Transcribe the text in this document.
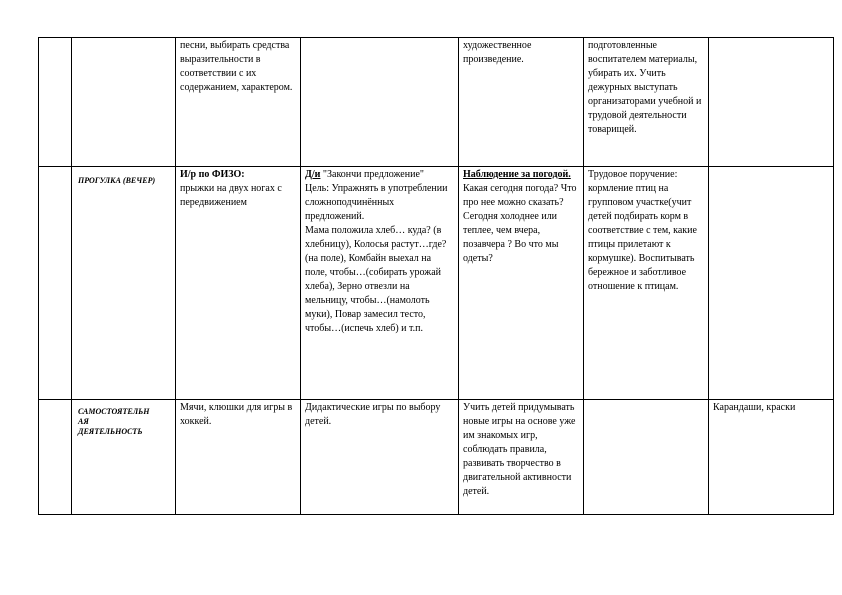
		песни, выбирать средства выразительности в соответствии с их содержанием, характером.		художественное произведение.	подготовленные воспитателем материалы, убирать их. Учить дежурных выступать организаторами учебной и трудовой деятельности товарищей.	

	ПРОГУЛКА (ВЕЧЕР)	И/р по ФИЗО:
прыжки на двух ногах с передвижением	Д/и "Закончи предложение"
Цель: Упражнять в употреблении сложноподчинённых предложений.
Мама положила хлеб… куда? (в хлебницу), Колосья растут…где? (на поле), Комбайн выехал на поле, чтобы…(собирать урожай хлеба), Зерно отвезли на мельницу, чтобы…(намолоть муки), Повар замесил тесто, чтобы…(испечь хлеб) и т.п.	Наблюдение за погодой. Какая сегодня погода? Что про нее можно сказать? Сегодня холоднее или теплее, чем вчера, позавчера ? Во что мы одеты?	Трудовое поручение: кормление птиц на групповом участке(учит детей подбирать корм в соответствие с тем, какие птицы прилетают к кормушке). Воспитывать бережное и заботливое отношение к птицам.	

	САМОСТОЯТЕЛЬН
АЯ
ДЕЯТЕЛЬНОСТЬ	Мячи, клюшки для игры в хоккей.	Дидактические игры по выбору детей.	Учить детей придумывать новые игры на основе уже им знакомых игр, соблюдать правила, развивать творчество в двигательной активности детей.		Карандаши, краски
